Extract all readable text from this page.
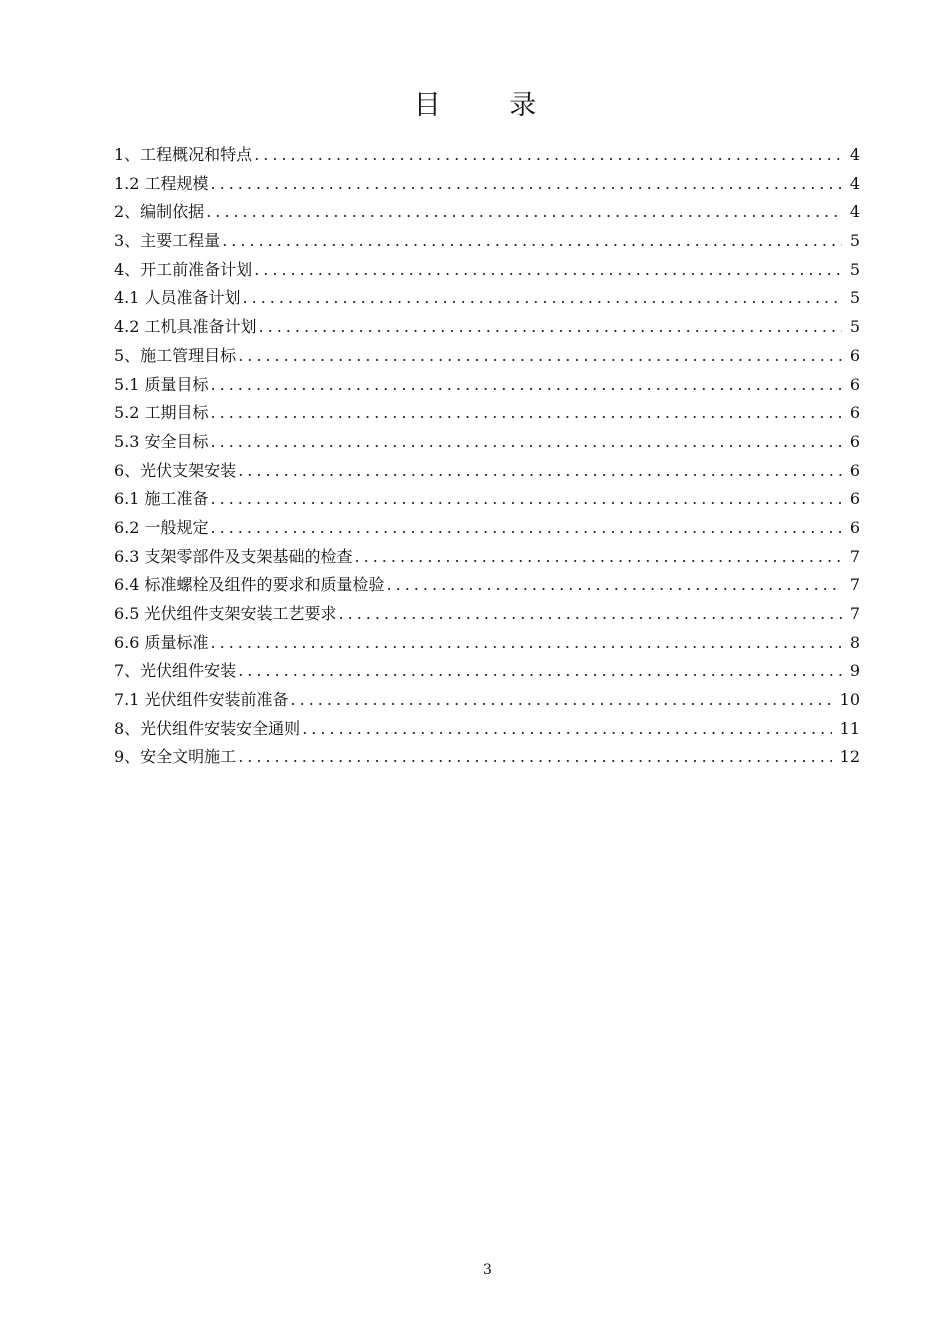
目 录
1、工程概况和特点 .....	4
1.2 工程规模 .....	4
2、编制依据 .....	4
3、主要工程量 .....	5
4、开工前准备计划 .....	5
4.1 人员准备计划 .....	5
4.2 工机具准备计划 .....	5
5、施工管理目标 .....	6
5.1 质量目标 .....	6
5.2 工期目标 .....	6
5.3 安全目标 .....	6
6、光伏支架安装 .....	6
6.1 施工准备 .....	6
6.2 一般规定 .....	6
6.3 支架零部件及支架基础的检查 .....	7
6.4 标准螺栓及组件的要求和质量检验 .....	7
6.5 光伏组件支架安装工艺要求 .....	7
6.6 质量标准 .....	8
7、光伏组件安装 .....	9
7.1 光伏组件安装前准备 .....	10
8、光伏组件安装安全通则 .....	11
9、安全文明施工 .....	12
3
